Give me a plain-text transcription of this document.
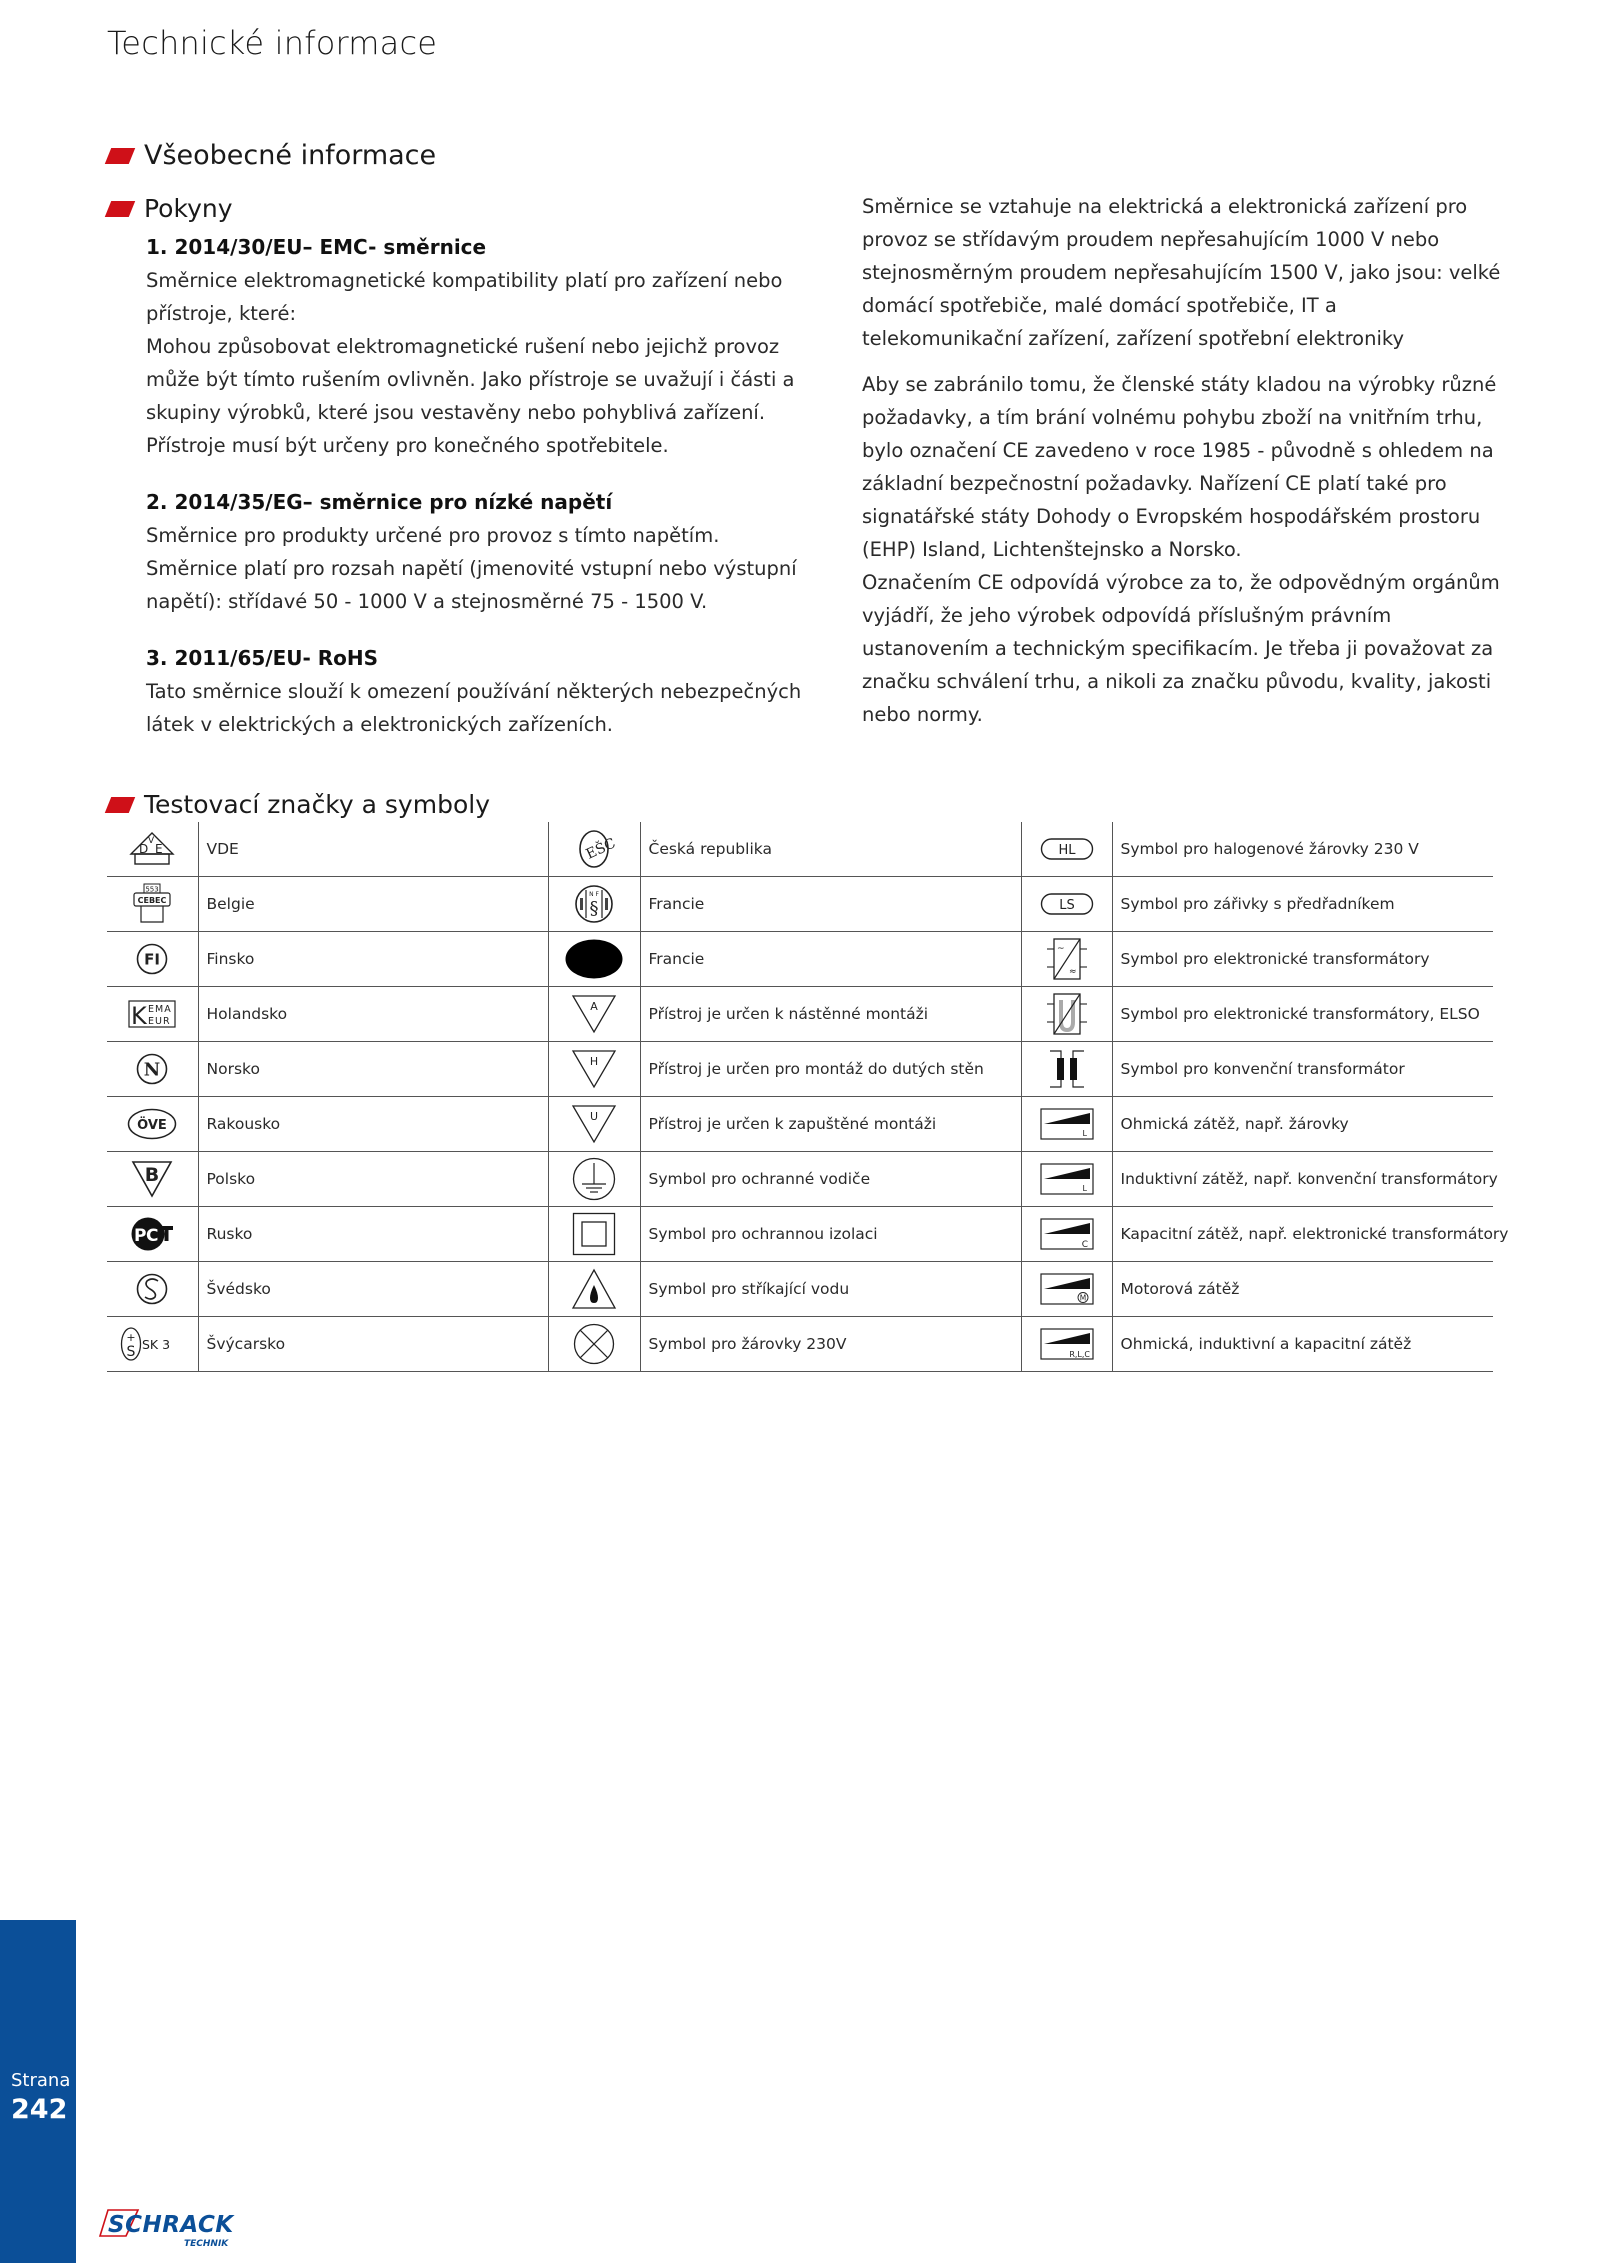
Technické informace
Všeobecné informace
Pokyny
1. 2014/30/EU– EMC- směrnice

Směrnice elektromagnetické kompatibility platí pro zařízení nebo přístroje, které:

Mohou způsobovat elektromagnetické rušení nebo jejichž provoz může být tímto rušením ovlivněn. Jako přístroje se uvažují i části a skupiny výrobků, které jsou vestavěny nebo pohyblivá zařízení. Přístroje musí být určeny pro konečného spotřebitele.

2. 2014/35/EG– směrnice pro nízké napětí

Směrnice pro produkty určené pro provoz s tímto napětím.

Směrnice platí pro rozsah napětí (jmenovité vstupní nebo výstupní napětí): střídavé 50 - 1000 V a stejnosměrné 75 - 1500 V.

3. 2011/65/EU- RoHS

Tato směrnice slouží k omezení používání některých nebezpečných látek v elektrických a elektronických zařízeních.

Směrnice se vztahuje na elektrická a elektronická zařízení pro provoz se střídavým proudem nepřesahujícím 1000 V nebo stejnosměrným proudem nepřesahujícím 1500 V, jako jsou: velké domácí spotřebiče, malé domácí spotřebiče, IT a telekomunikační zařízení, zařízení spotřební elektroniky

Aby se zabránilo tomu, že členské státy kladou na výrobky různé požadavky, a tím brání volnému pohybu zboží na vnitřním trhu, bylo označení CE zavedeno v roce 1985 - původně s ohledem na základní bezpečnostní požadavky. Nařízení CE platí také pro signatářské státy Dohody o Evropském hospodářském prostoru (EHP) Island, Lichtenštejnsko a Norsko.

Označením CE odpovídá výrobce za to, že odpovědným orgánům vyjádří, že jeho výrobek odpovídá příslušným právním ustanovením a technickým specifikacím. Je třeba ji považovat za značku schválení trhu, a nikoli za značku původu, kvality, jakosti nebo normy.

Testovací značky a symboly
D
V
E	VDE	EŠC	Česká republika	HL	Symbol pro halogenové žárovky 230 V

553
CEBEC	Belgie	
N F
§	Francie	LS	Symbol pro zářivky s předřadníkem

FI	Finsko		Francie	
~
≈
	Symbol pro elektronické transformátory

K EMA
EUR	Holandsko	A	Přístroj je určen k nástěnné montáži		Symbol pro elektronické transformátory, ELSO

N	Norsko	H	Přístroj je určen pro montáž do dutých stěn		Symbol pro konvenční transformátor

ÖVE	Rakousko	U	Přístroj je určen k zapuštěné montáži	
L
	Ohmická zátěž, např. žárovky

B	Polsko		Symbol pro ochranné vodiče	
L
	Induktivní zátěž, např. konvenční transformátory

P C	Rusko		Symbol pro ochrannou izolaci	
C
	Kapacitní zátěž, např. elektronické transformátory

	Švédsko		Symbol pro stříkající vodu	M	Motorová zátěž

+
S SK 3	Švýcarsko		Symbol pro žárovky 230V	
R,L,C
	Ohmická, induktivní a kapacitní zátěž
Strana
242
SCHRACK
TECHNIK
